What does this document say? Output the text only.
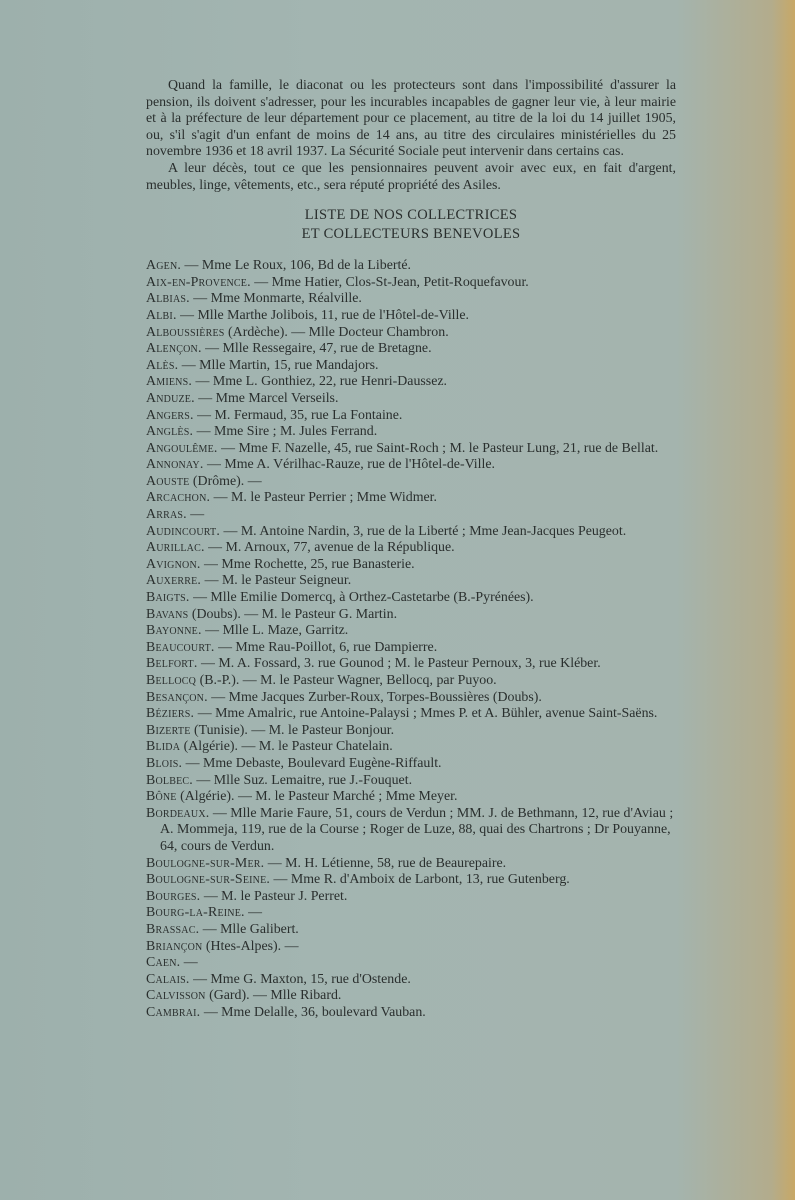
Quand la famille, le diaconat ou les protecteurs sont dans l'impossibilité d'assurer la pension, ils doivent s'adresser, pour les incurables incapables de gagner leur vie, à leur mairie et à la préfecture de leur département pour ce placement, au titre de la loi du 14 juillet 1905, ou, s'il s'agit d'un enfant de moins de 14 ans, au titre des circulaires ministérielles du 25 novembre 1936 et 18 avril 1937. La Sécurité Sociale peut intervenir dans certains cas.

A leur décès, tout ce que les pensionnaires peuvent avoir avec eux, en fait d'argent, meubles, linge, vêtements, etc., sera réputé propriété des Asiles.

LISTE DE NOS COLLECTRICES
ET COLLECTEURS BENEVOLES
Agen. — Mme Le Roux, 106, Bd de la Liberté.
Aix-en-Provence. — Mme Hatier, Clos-St-Jean, Petit-Roquefavour.
Albias. — Mme Monmarte, Réalville.
Albi. — Mlle Marthe Jolibois, 11, rue de l'Hôtel-de-Ville.
Alboussières (Ardèche). — Mlle Docteur Chambron.
Alençon. — Mlle Ressegaire, 47, rue de Bretagne.
Alès. — Mlle Martin, 15, rue Mandajors.
Amiens. — Mme L. Gonthiez, 22, rue Henri-Daussez.
Anduze. — Mme Marcel Verseils.
Angers. — M. Fermaud, 35, rue La Fontaine.
Anglès. — Mme Sire ; M. Jules Ferrand.
Angoulême. — Mme F. Nazelle, 45, rue Saint-Roch ; M. le Pasteur Lung, 21, rue de Bellat.
Annonay. — Mme A. Vérilhac-Rauze, rue de l'Hôtel-de-Ville.
Aouste (Drôme). —
Arcachon. — M. le Pasteur Perrier ; Mme Widmer.
Arras. —
Audincourt. — M. Antoine Nardin, 3, rue de la Liberté ; Mme Jean-Jacques Peugeot.
Aurillac. — M. Arnoux, 77, avenue de la République.
Avignon. — Mme Rochette, 25, rue Banasterie.
Auxerre. — M. le Pasteur Seigneur.
Baigts. — Mlle Emilie Domercq, à Orthez-Castetarbe (B.-Pyrénées).
Bavans (Doubs). — M. le Pasteur G. Martin.
Bayonne. — Mlle L. Maze, Garritz.
Beaucourt. — Mme Rau-Poillot, 6, rue Dampierre.
Belfort. — M. A. Fossard, 3. rue Gounod ; M. le Pasteur Pernoux, 3, rue Kléber.
Bellocq (B.-P.). — M. le Pasteur Wagner, Bellocq, par Puyoo.
Besançon. — Mme Jacques Zurber-Roux, Torpes-Boussières (Doubs).
Béziers. — Mme Amalric, rue Antoine-Palaysi ; Mmes P. et A. Bühler, avenue Saint-Saëns.
Bizerte (Tunisie). — M. le Pasteur Bonjour.
Blida (Algérie). — M. le Pasteur Chatelain.
Blois. — Mme Debaste, Boulevard Eugène-Riffault.
Bolbec. — Mlle Suz. Lemaitre, rue J.-Fouquet.
Bône (Algérie). — M. le Pasteur Marché ; Mme Meyer.
Bordeaux. — Mlle Marie Faure, 51, cours de Verdun ; MM. J. de Bethmann, 12, rue d'Aviau ; A. Mommeja, 119, rue de la Course ; Roger de Luze, 88, quai des Chartrons ; Dr Pouyanne, 64, cours de Verdun.
Boulogne-sur-Mer. — M. H. Létienne, 58, rue de Beaurepaire.
Boulogne-sur-Seine. — Mme R. d'Amboix de Larbont, 13, rue Gutenberg.
Bourges. — M. le Pasteur J. Perret.
Bourg-la-Reine. —
Brassac. — Mlle Galibert.
Briançon (Htes-Alpes). —
Caen. —
Calais. — Mme G. Maxton, 15, rue d'Ostende.
Calvisson (Gard). — Mlle Ribard.
Cambrai. — Mme Delalle, 36, boulevard Vauban.
